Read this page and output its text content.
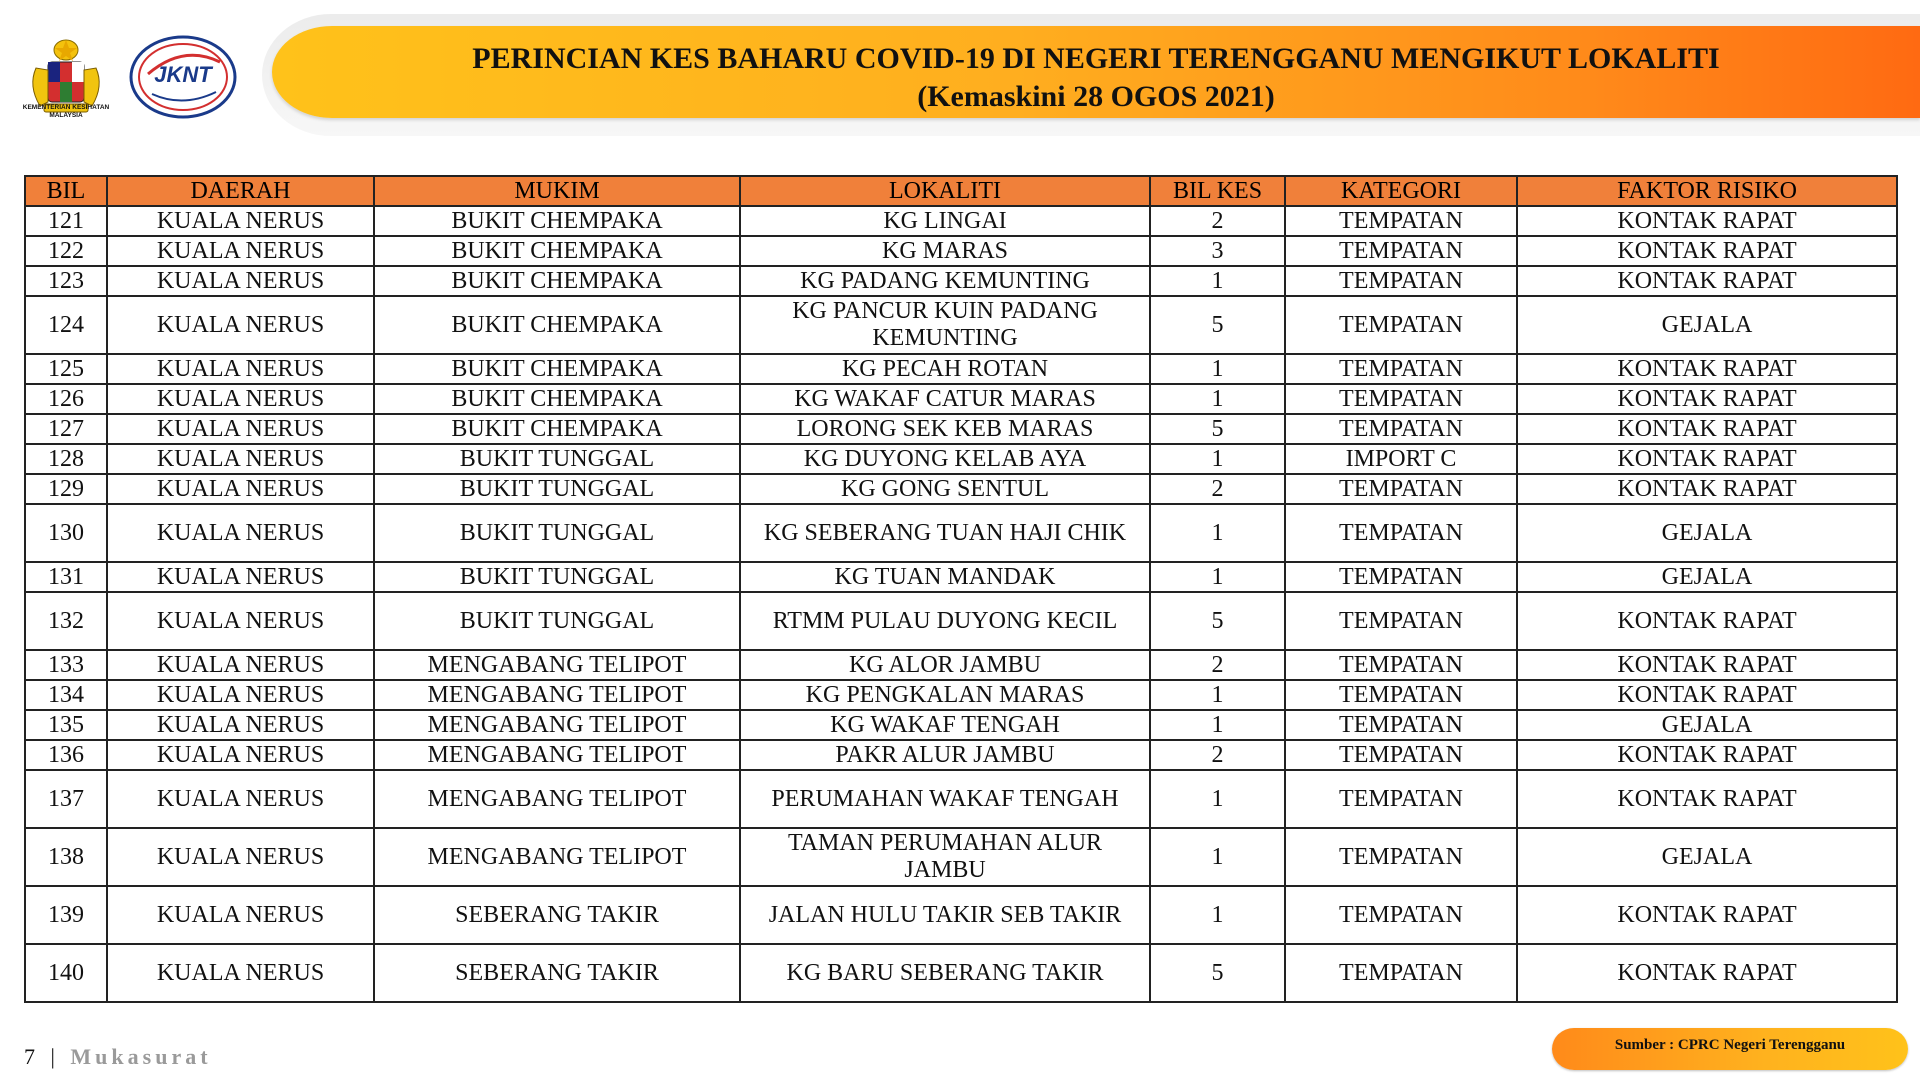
PERINCIAN KES BAHARU COVID-19 DI NEGERI TERENGGANU MENGIKUT LOKALITI
(Kemaskini 28 OGOS 2021)
KEMENTERIAN KESIHATAN
MALAYSIA
JKNT
BIL	DAERAH	MUKIM	LOKALITI	BIL KES	KATEGORI	FAKTOR RISIKO
121	KUALA NERUS	BUKIT CHEMPAKA	KG LINGAI	2	TEMPATAN	KONTAK RAPAT
122	KUALA NERUS	BUKIT CHEMPAKA	KG MARAS	3	TEMPATAN	KONTAK RAPAT
123	KUALA NERUS	BUKIT CHEMPAKA	KG PADANG KEMUNTING	1	TEMPATAN	KONTAK RAPAT
124	KUALA NERUS	BUKIT CHEMPAKA	KG PANCUR KUIN PADANG KEMUNTING	5	TEMPATAN	GEJALA
125	KUALA NERUS	BUKIT CHEMPAKA	KG PECAH ROTAN	1	TEMPATAN	KONTAK RAPAT
126	KUALA NERUS	BUKIT CHEMPAKA	KG WAKAF CATUR MARAS	1	TEMPATAN	KONTAK RAPAT
127	KUALA NERUS	BUKIT CHEMPAKA	LORONG SEK KEB MARAS	5	TEMPATAN	KONTAK RAPAT
128	KUALA NERUS	BUKIT TUNGGAL	KG DUYONG KELAB AYA	1	IMPORT C	KONTAK RAPAT
129	KUALA NERUS	BUKIT TUNGGAL	KG GONG SENTUL	2	TEMPATAN	KONTAK RAPAT
130	KUALA NERUS	BUKIT TUNGGAL	KG SEBERANG TUAN HAJI CHIK	1	TEMPATAN	GEJALA
131	KUALA NERUS	BUKIT TUNGGAL	KG TUAN MANDAK	1	TEMPATAN	GEJALA
132	KUALA NERUS	BUKIT TUNGGAL	RTMM PULAU DUYONG KECIL	5	TEMPATAN	KONTAK RAPAT
133	KUALA NERUS	MENGABANG TELIPOT	KG ALOR JAMBU	2	TEMPATAN	KONTAK RAPAT
134	KUALA NERUS	MENGABANG TELIPOT	KG PENGKALAN MARAS	1	TEMPATAN	KONTAK RAPAT
135	KUALA NERUS	MENGABANG TELIPOT	KG WAKAF TENGAH	1	TEMPATAN	GEJALA
136	KUALA NERUS	MENGABANG TELIPOT	PAKR ALUR JAMBU	2	TEMPATAN	KONTAK RAPAT
137	KUALA NERUS	MENGABANG TELIPOT	PERUMAHAN WAKAF TENGAH	1	TEMPATAN	KONTAK RAPAT
138	KUALA NERUS	MENGABANG TELIPOT	TAMAN PERUMAHAN ALUR JAMBU	1	TEMPATAN	GEJALA
139	KUALA NERUS	SEBERANG TAKIR	JALAN HULU TAKIR SEB TAKIR	1	TEMPATAN	KONTAK RAPAT
140	KUALA NERUS	SEBERANG TAKIR	KG BARU SEBERANG TAKIR	5	TEMPATAN	KONTAK RAPAT
7 | Mukasurat	Sumber : CPRC Negeri Terengganu
